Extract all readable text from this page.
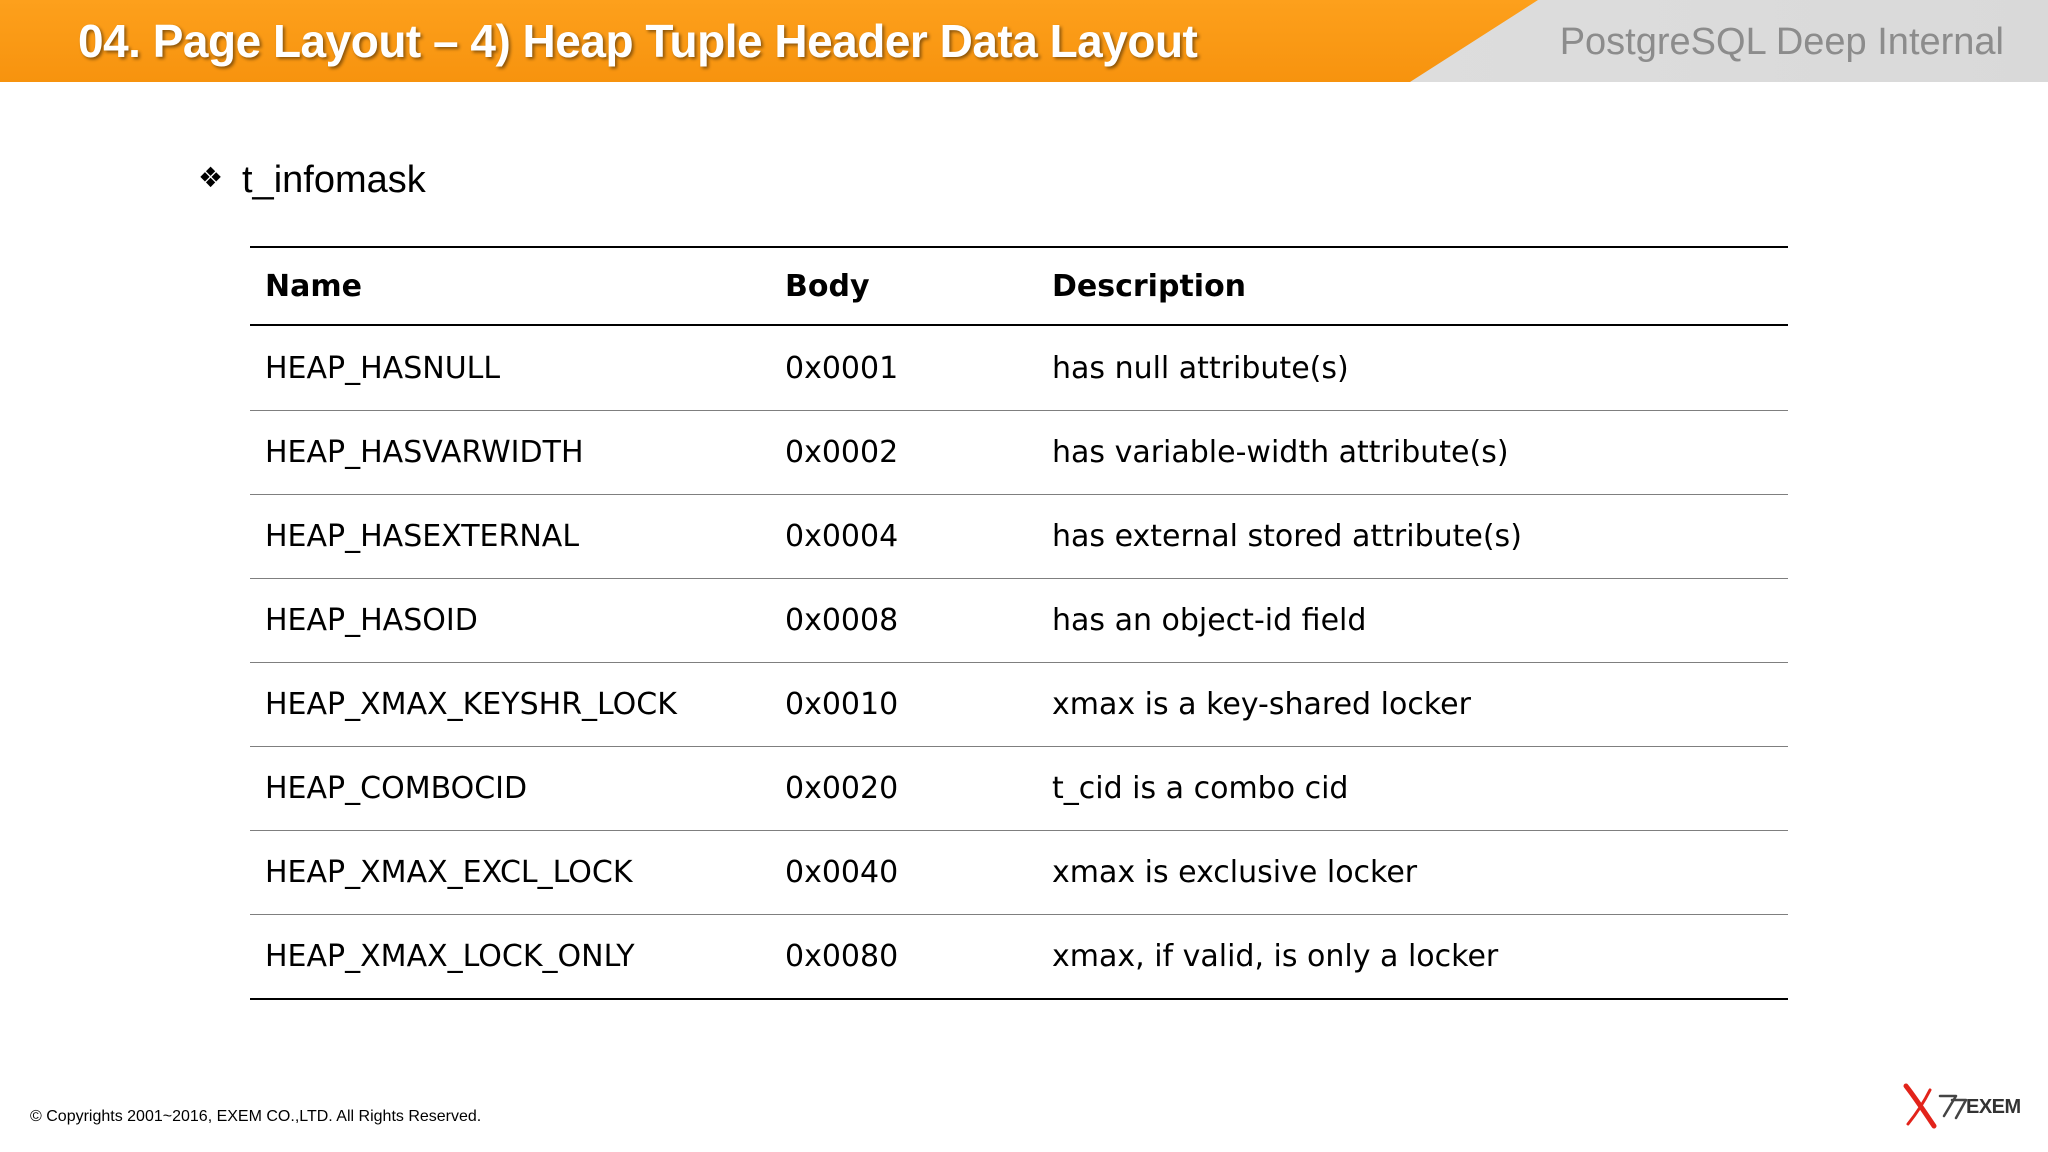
04. Page Layout – 4) Heap Tuple Header Data Layout	PostgreSQL Deep Internal
❖ t_infomask
Name	Body	Description
HEAP_HASNULL	0x0001	has null attribute(s)
HEAP_HASVARWIDTH	0x0002	has variable-width attribute(s)
HEAP_HASEXTERNAL	0x0004	has external stored attribute(s)
HEAP_HASOID	0x0008	has an object-id field
HEAP_XMAX_KEYSHR_LOCK	0x0010	xmax is a key-shared locker
HEAP_COMBOCID	0x0020	t_cid is a combo cid
HEAP_XMAX_EXCL_LOCK	0x0040	xmax is exclusive locker
HEAP_XMAX_LOCK_ONLY	0x0080	xmax, if valid, is only a locker
© Copyrights 2001~2016, EXEM CO.,LTD. All Rights Reserved.	EXEM
